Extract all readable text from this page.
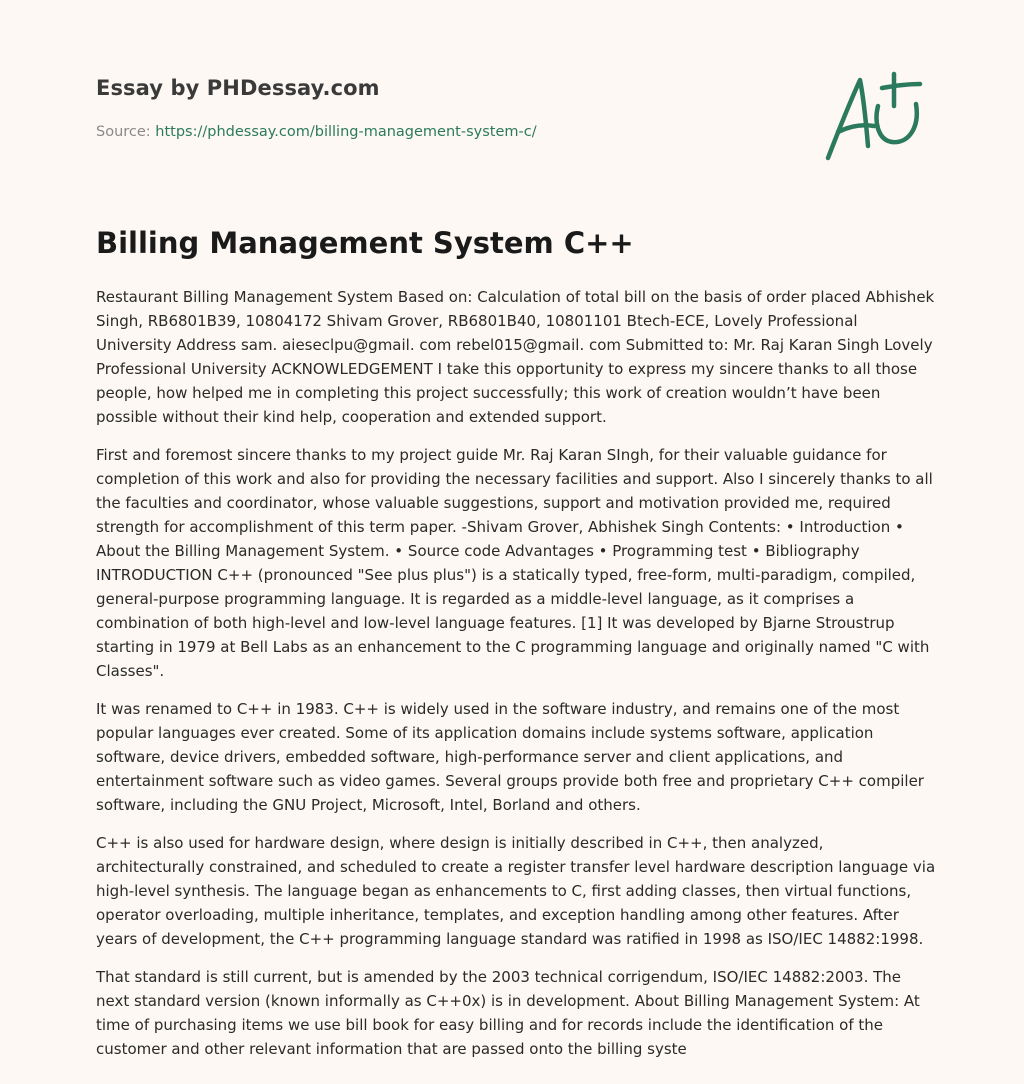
Essay by PHDessay.com
Source: https://phdessay.com/billing-management-system-c/
Billing Management System C++

Restaurant Billing Management System Based on: Calculation of total bill on the basis of order placed Abhishek Singh, RB6801B39, 10804172 Shivam Grover, RB6801B40, 10801101 Btech-ECE, Lovely Professional University Address sam. aieseclpu@gmail. com rebel015@gmail. com Submitted to: Mr. Raj Karan Singh Lovely Professional University ACKNOWLEDGEMENT I take this opportunity to express my sincere thanks to all those people, how helped me in completing this project successfully; this work of creation wouldn’t have been possible without their kind help, cooperation and extended support.

First and foremost sincere thanks to my project guide Mr. Raj Karan SIngh, for their valuable guidance for completion of this work and also for providing the necessary facilities and support. Also I sincerely thanks to all the faculties and coordinator, whose valuable suggestions, support and motivation provided me, required strength for accomplishment of this term paper. -Shivam Grover, Abhishek Singh Contents: • Introduction • About the Billing Management System. • Source code Advantages • Programming test • Bibliography INTRODUCTION C++ (pronounced "See plus plus") is a statically typed, free-form, multi-paradigm, compiled, general-purpose programming language. It is regarded as a middle-level language, as it comprises a combination of both high-level and low-level language features. [1] It was developed by Bjarne Stroustrup starting in 1979 at Bell Labs as an enhancement to the C programming language and originally named "C with Classes".

It was renamed to C++ in 1983. C++ is widely used in the software industry, and remains one of the most popular languages ever created. Some of its application domains include systems software, application software, device drivers, embedded software, high-performance server and client applications, and entertainment software such as video games. Several groups provide both free and proprietary C++ compiler software, including the GNU Project, Microsoft, Intel, Borland and others.

C++ is also used for hardware design, where design is initially described in C++, then analyzed, architecturally constrained, and scheduled to create a register transfer level hardware description language via high-level synthesis. The language began as enhancements to C, first adding classes, then virtual functions, operator overloading, multiple inheritance, templates, and exception handling among other features. After years of development, the C++ programming language standard was ratified in 1998 as ISO/IEC 14882:1998.

That standard is still current, but is amended by the 2003 technical corrigendum, ISO/IEC 14882:2003. The next standard version (known informally as C++0x) is in development. About Billing Management System: At time of purchasing items we use bill book for easy billing and for records include the identification of the customer and other relevant information that are passed onto the billing syste
